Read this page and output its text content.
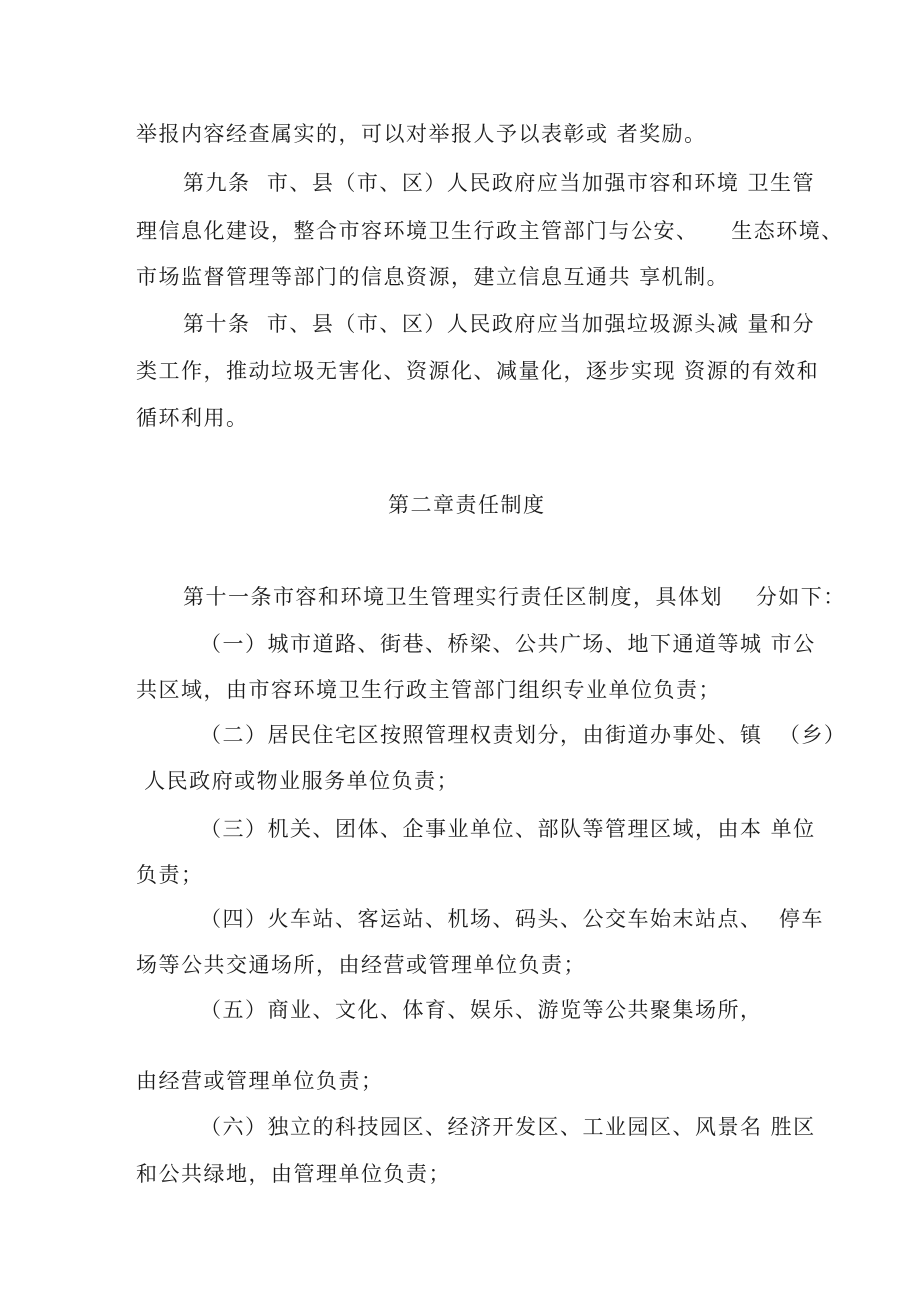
举报内容经查属实的，可以对举报人予以表彰或 者奖励。

第九条  市、县（市、区）人民政府应当加强市容和环境 卫生管

理信息化建设，整合市容环境卫生行政主管部门与公安、    生态环境、

市场监督管理等部门的信息资源，建立信息互通共 享机制。

第十条  市、县（市、区）人民政府应当加强垃圾源头减 量和分

类工作，推动垃圾无害化、资源化、减量化，逐步实现 资源的有效和

循环利用。

第二章责任制度

第十一条市容和环境卫生管理实行责任区制度，具体划    分如下：

（一）城市道路、街巷、桥梁、公共广场、地下通道等城 市公

共区域，由市容环境卫生行政主管部门组织专业单位负责；

（二）居民住宅区按照管理权责划分，由街道办事处、镇  （乡）

人民政府或物业服务单位负责；

（三）机关、团体、企事业单位、部队等管理区域，由本 单位

负责；

（四）火车站、客运站、机场、码头、公交车始末站点、  停车

场等公共交通场所，由经营或管理单位负责；

（五）商业、文化、体育、娱乐、游览等公共聚集场所，

由经营或管理单位负责；

（六）独立的科技园区、经济开发区、工业园区、风景名 胜区

和公共绿地，由管理单位负责；
